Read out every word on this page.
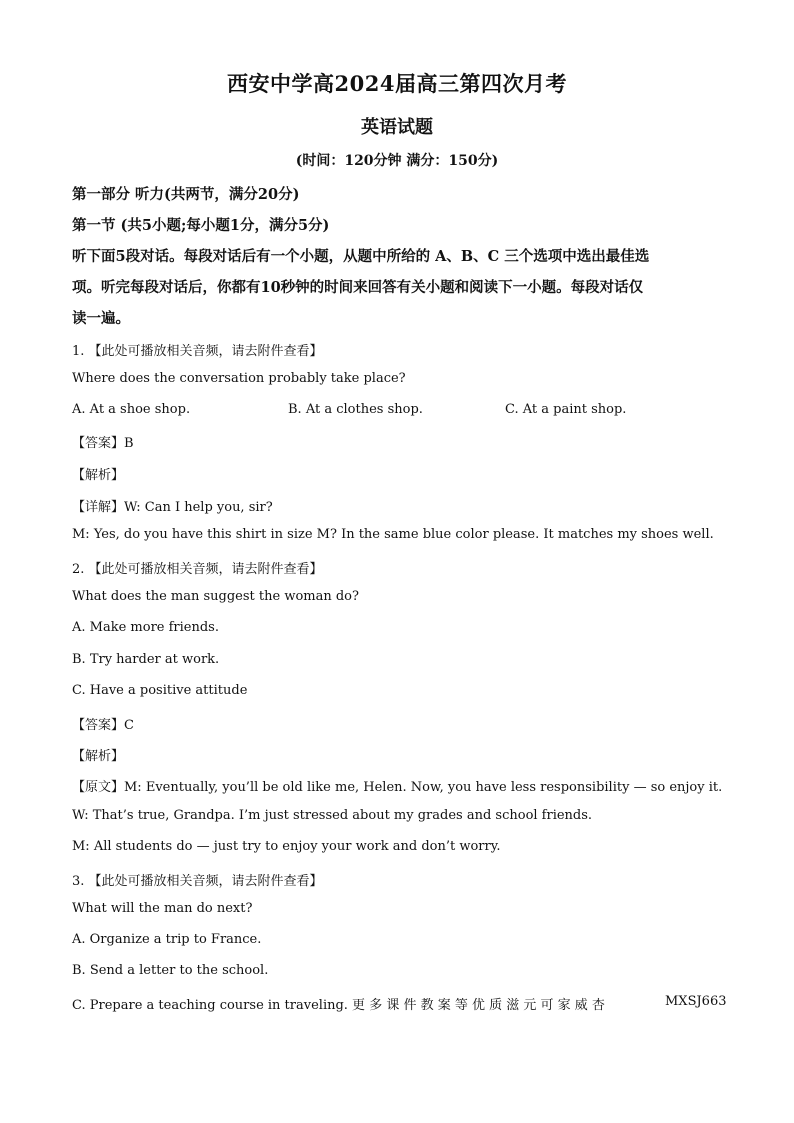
西安中学高2024届高三第四次月考
英语试题
(时间：120分钟 满分：150分)
第一部分 听力(共两节，满分20分)
第一节 (共5小题;每小题1分，满分5分)
听下面5段对话。每段对话后有一个小题，从题中所给的 A、B、C 三个选项中选出最佳选
项。听完每段对话后，你都有10秒钟的时间来回答有关小题和阅读下一小题。每段对话仅
读一遍。
1. 【此处可播放相关音频，请去附件查看】
Where does the conversation probably take place?
A. At a shoe shop.	B. At a clothes shop.	C. At a paint shop.
【答案】B
【解析】
【详解】W: Can I help you, sir?
M: Yes, do you have this shirt in size M? In the same blue color please. It matches my shoes well.
2. 【此处可播放相关音频，请去附件查看】
What does the man suggest the woman do?
A. Make more friends.
B. Try harder at work.
C. Have a positive attitude
【答案】C
【解析】
【原文】M: Eventually, you’ll be old like me, Helen. Now, you have less responsibility — so enjoy it.
W: That’s true, Grandpa. I’m just stressed about my grades and school friends.
M: All students do — just try to enjoy your work and don’t worry.
3. 【此处可播放相关音频，请去附件查看】
What will the man do next?
A. Organize a trip to France.
B. Send a letter to the school.
C. Prepare a teaching course in traveling. 更 多 课 件 教 案 等 优 质 滋 元 可 家 威 杏	MXSJ663
